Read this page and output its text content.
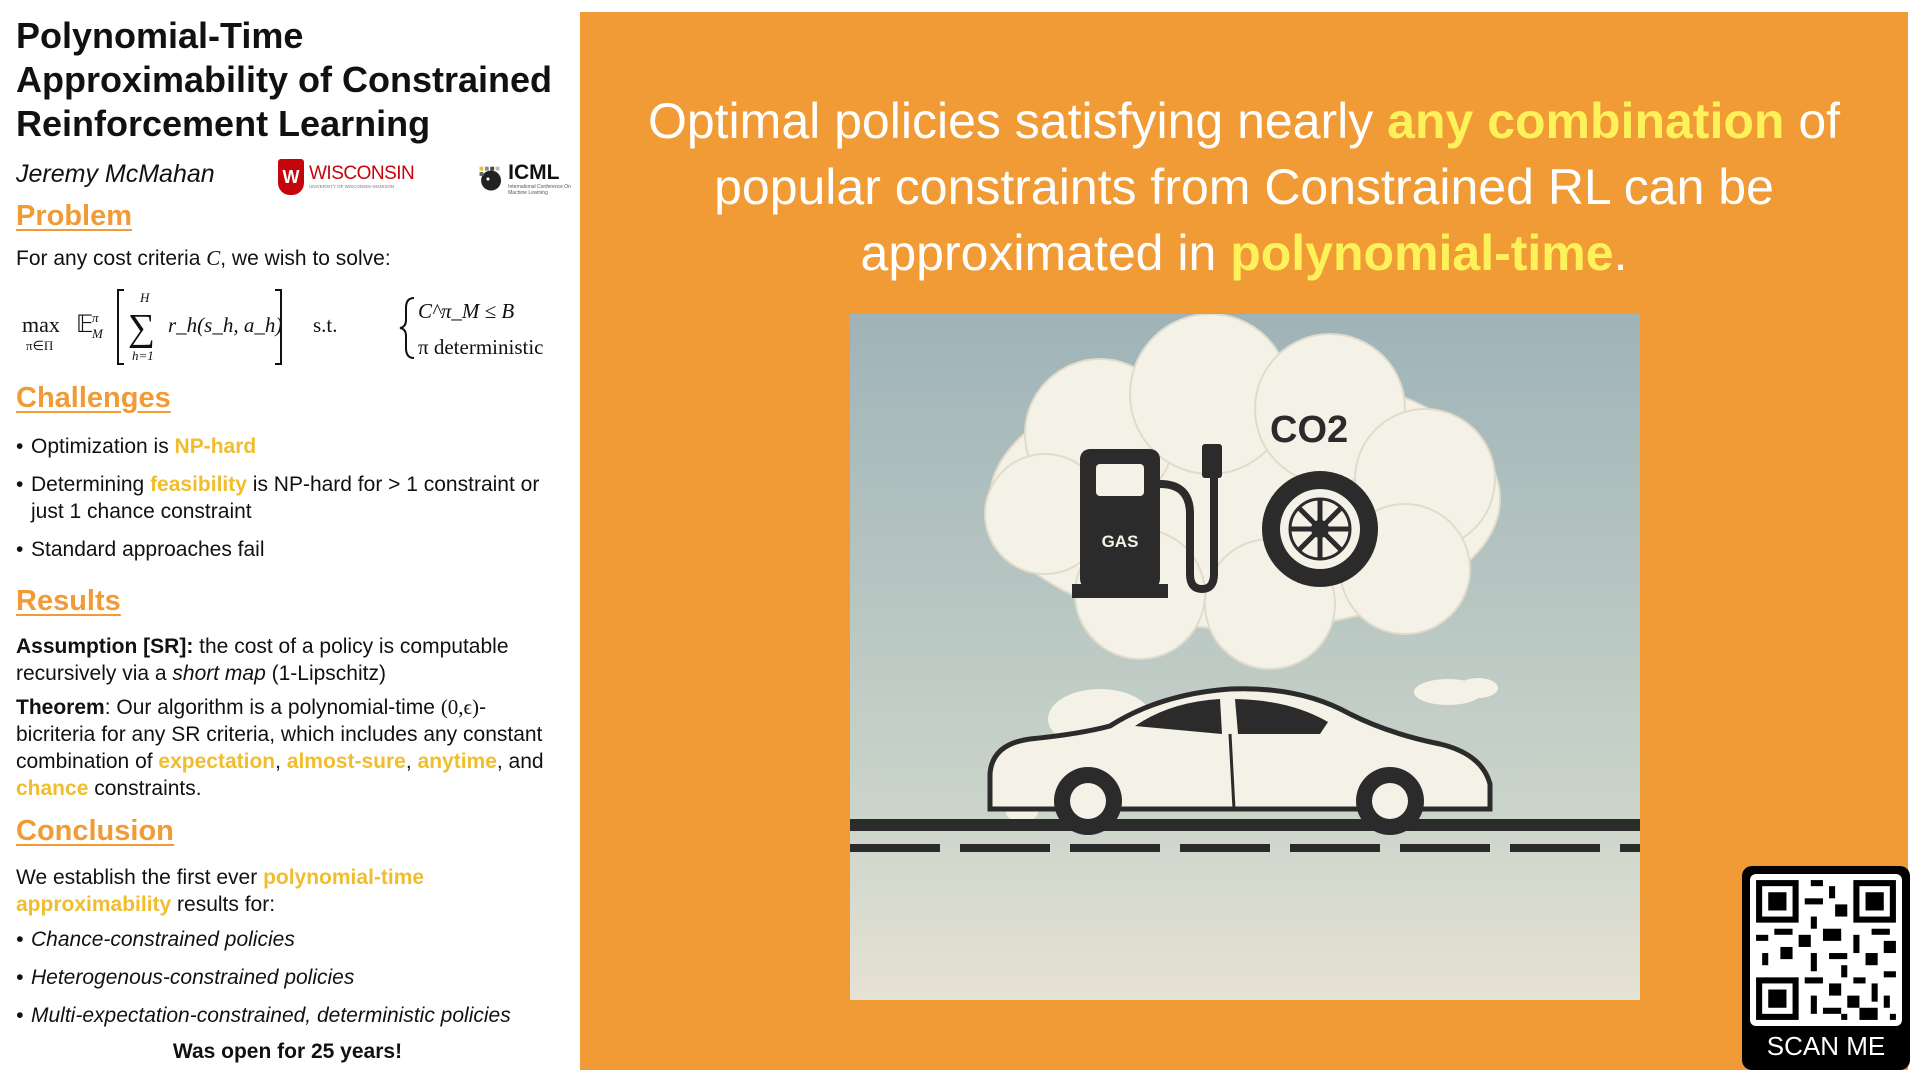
Polynomial-Time Approximability of Constrained Reinforcement Learning
Jeremy McMahan	W WISCONSIN
UNIVERSITY OF WISCONSIN–MADISON
ICML
International Conference On Machine Learning
Problem
For any cost criteria C, we wish to solve:
max
π∈Π
𝔼
π
M
H
∑
h=1
r_h(s_h, a_h) s.t.
C^π_M ≤ B
π deterministic
Challenges
• Optimization is NP-hard
• Determining feasibility is NP-hard for > 1 constraint or just 1 chance constraint
• Standard approaches fail
Results
Assumption [SR]: the cost of a policy is computable recursively via a short map (1-Lipschitz)
Theorem: Our algorithm is a polynomial-time (0,ϵ)-bicriteria for any SR criteria, which includes any constant combination of expectation, almost-sure, anytime, and chance constraints.
Conclusion
We establish the first ever polynomial-time approximability results for:
• Chance-constrained policies
• Heterogenous-constrained policies
• Multi-expectation-constrained, deterministic policies
Was open for 25 years!
Optimal policies satisfying nearly any combination of popular constraints from Constrained RL can be approximated in polynomial-time.
GAS
CO2
SCAN ME
